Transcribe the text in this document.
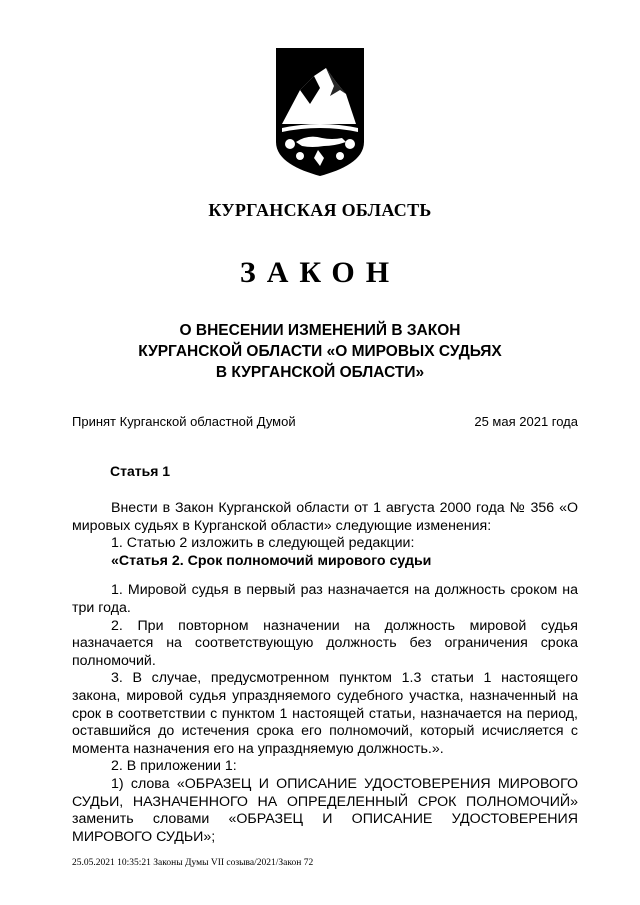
КУРГАНСКАЯ ОБЛАСТЬ
ЗАКОН
О ВНЕСЕНИИ ИЗМЕНЕНИЙ В ЗАКОН
КУРГАНСКОЙ ОБЛАСТИ «О МИРОВЫХ СУДЬЯХ
В КУРГАНСКОЙ ОБЛАСТИ»
Принят Курганской областной Думой	25 мая 2021 года
Статья 1

Внести в Закон Курганской области от 1 августа 2000 года № 356 «О мировых судьях в Курганской области» следующие изменения:

1. Статью 2 изложить в следующей редакции:

«Статья 2. Срок полномочий мирового судьи

1. Мировой судья в первый раз назначается на должность сроком на три года.

2. При повторном назначении на должность мировой судья назначается на соответствующую должность без ограничения срока полномочий.

3. В случае, предусмотренном пунктом 1.3 статьи 1 настоящего закона, мировой судья упраздняемого судебного участка, назначенный на срок в соответствии с пунктом 1 настоящей статьи, назначается на период, оставшийся до истечения срока его полномочий, который исчисляется с момента назначения его на упраздняемую должность.».

2. В приложении 1:

1) слова «ОБРАЗЕЦ И ОПИСАНИЕ УДОСТОВЕРЕНИЯ МИРОВОГО СУДЬИ, НАЗНАЧЕННОГО НА ОПРЕДЕЛЕННЫЙ СРОК ПОЛНОМОЧИЙ» заменить словами «ОБРАЗЕЦ И ОПИСАНИЕ УДОСТОВЕРЕНИЯ МИРОВОГО СУДЬИ»;

25.05.2021 10:35:21 Законы Думы VII созыва/2021/Закон 72
